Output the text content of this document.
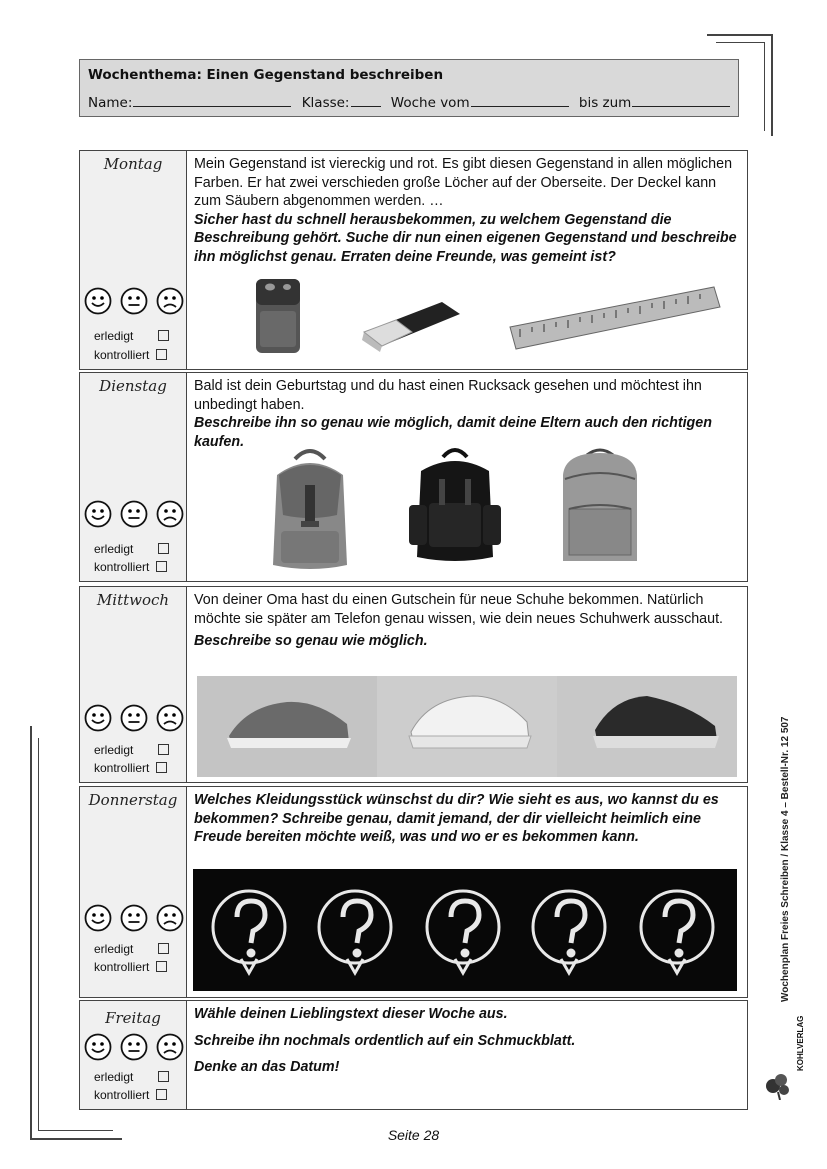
Wochenthema: Einen Gegenstand beschreiben
Name:	Klasse:	Woche vom	bis zum
Montag
erledigt
kontrolliert

Mein Gegenstand ist viereckig und rot. Es gibt diesen Gegenstand in allen möglichen Farben. Er hat zwei verschieden große Löcher auf der Oberseite. Der Deckel kann zum Säubern abgenommen werden. …

Sicher hast du schnell herausbekommen, zu welchem Gegenstand die Beschreibung gehört. Suche dir nun einen eigenen Gegenstand und beschreibe ihn möglichst genau. Erraten deine Freunde, was gemeint ist?

Dienstag
erledigt
kontrolliert

Bald ist dein Geburtstag und du hast einen Rucksack gesehen und möchtest ihn unbedingt haben.

Beschreibe ihn so genau wie möglich, damit deine Eltern auch den richtigen kaufen.

Mittwoch
erledigt
kontrolliert

Von deiner Oma hast du einen Gutschein für neue Schuhe bekommen. Natürlich möchte sie später am Telefon genau wissen, wie dein neues Schuhwerk ausschaut.

Beschreibe so genau wie möglich.

Donnerstag
erledigt
kontrolliert

Welches Kleidungsstück wünschst du dir? Wie sieht es aus, wo kannst du es bekommen? Schreibe genau, damit jemand, der dir vielleicht heimlich eine Freude bereiten möchte weiß, was und wo er es bekommen kann.

Freitag
erledigt
kontrolliert

Wähle deinen Lieblingstext dieser Woche aus.

Schreibe ihn nochmals ordentlich auf ein Schmuckblatt.

Denke an das Datum!

Wochenplan Freies Schreiben / Klasse 4 – Bestell-Nr. 12 507
KOHLVERLAG
Seite 28
